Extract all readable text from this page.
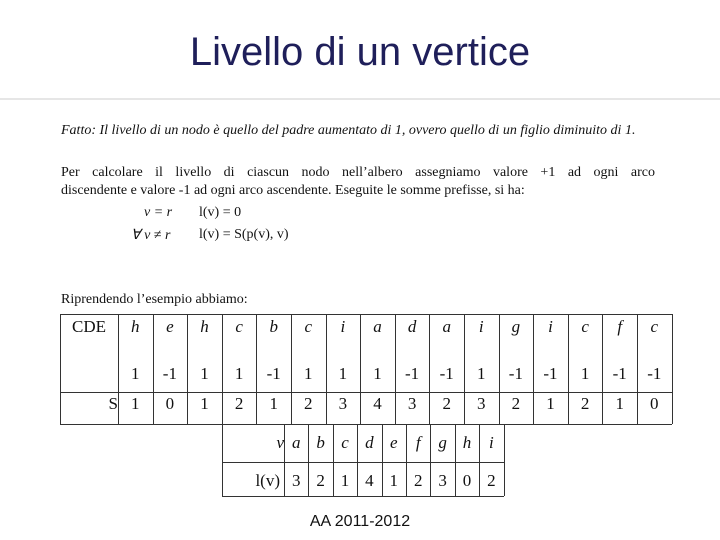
Livello di un vertice
Fatto: Il livello di un nodo è quello del padre aumentato di 1, ovvero quello di un figlio diminuito di 1.
Per calcolare il livello di ciascun nodo nell’albero assegniamo valore +1 ad ogni arco
discendente e valore -1 ad ogni arco ascendente. Eseguite le somme prefisse, si ha:
v = r l(v) = 0
∀ v ≠ r l(v) = S(p(v), v)
Riprendendo l’esempio abbiamo:
CDE
S
h
1
1
e
-1
0
h
1
1
c
1
2
b
-1
1
c
1
2
i
1
3
a
1
4
d
-1
3
a
-1
2
i
1
3
g
-1
2
i
-1
1
c
1
2
f
-1
1
c
-1
0
v
l(v)
a
3
b
2
c
1
d
4
e
1
f
2
g
3
h
0
i
2
AA 2011-2012
